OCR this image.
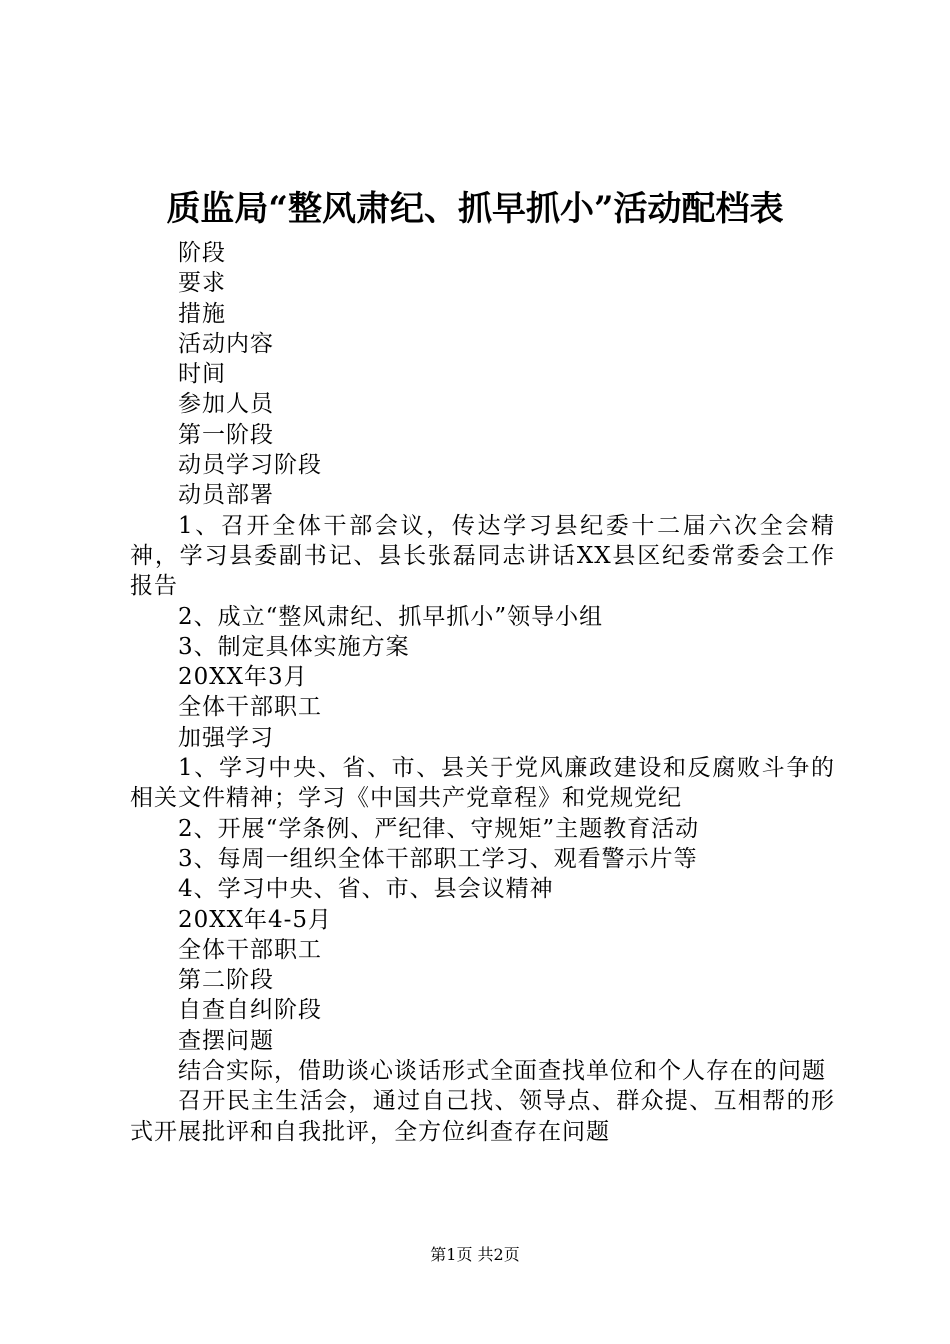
质监局“整风肃纪、抓早抓小”活动配档表

阶段

要求

措施

活动内容

时间

参加人员

第一阶段

动员学习阶段

动员部署

1、召开全体干部会议，传达学习县纪委十二届六次全会精神，学习县委副书记、县长张磊同志讲话XX县区纪委常委会工作报告

2、成立“整风肃纪、抓早抓小”领导小组

3、制定具体实施方案

20XX年3月

全体干部职工

加强学习

1、学习中央、省、市、县关于党风廉政建设和反腐败斗争的相关文件精神；学习《中国共产党章程》和党规党纪

2、开展“学条例、严纪律、守规矩”主题教育活动

3、每周一组织全体干部职工学习、观看警示片等

4、学习中央、省、市、县会议精神

20XX年4-5月

全体干部职工

第二阶段

自查自纠阶段

查摆问题

结合实际，借助谈心谈话形式全面查找单位和个人存在的问题

召开民主生活会，通过自己找、领导点、群众提、互相帮的形式开展批评和自我批评，全方位纠查存在问题

第1页 共2页
